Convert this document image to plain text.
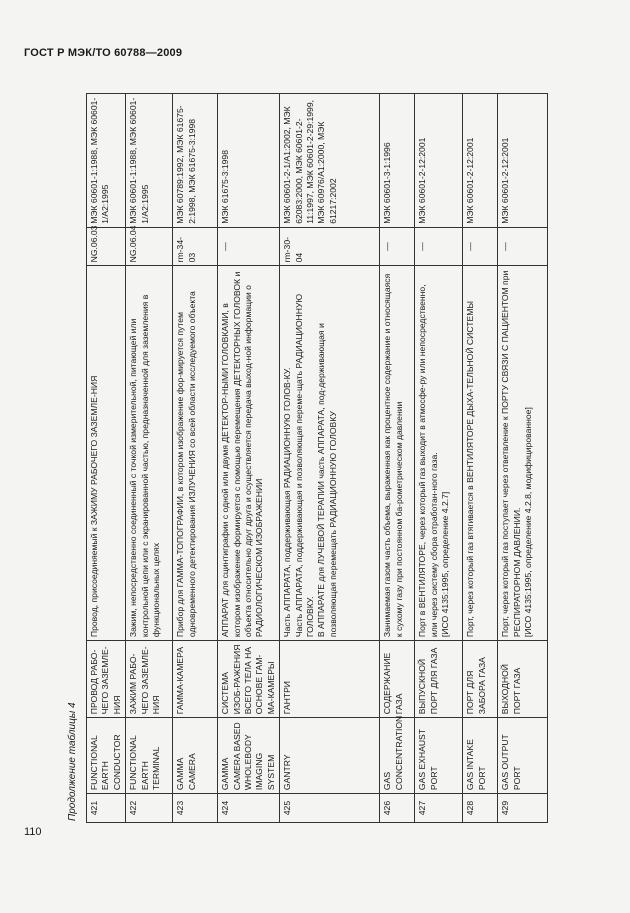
ГОСТ Р МЭК/ТО 60788—2009
Продолжение таблицы 4	421	FUNCTIONAL EARTH CONDUCTOR	ПРОВОД РАБО-ЧЕГО ЗАЗЕМЛЕ-НИЯ	Провод, присоединяемый к ЗАЖИМУ РАБОЧЕГО ЗАЗЕМЛЕ-НИЯ	NG.06.03	МЭК 60601-1:1988, МЭК 60601-1/А2:1995
422	FUNCTIONAL EARTH TERMINAL	ЗАЖИМ РАБО-ЧЕГО ЗАЗЕМЛЕ-НИЯ	Зажим, непосредственно соединенный с точкой измерительной, питающей или контрольной цепи или с экранированной частью, предназначенной для заземления в функциональных целях	NG.06.04	МЭК 60601-1:1988, МЭК 60601-1/А2:1995
423	GAMMA CAMERA	ГАММА-КАМЕРА	Прибор для ГАММА-ТОПОГРАФИИ, в котором изображение фор-мируется путем одновременного детектирования ИЗЛУЧЕНИЯ со всей области исследуемого объекта	rm-34-03	МЭК 60789:1992, МЭК 61675-2:1998, МЭК 61675-3:1998
424	GAMMA CAMERA BASED WHOLEBODY IMAGING SYSTEM	СИСТЕМА ИЗОБ-РАЖЕНИЯ ВСЕГО ТЕЛА НА ОСНОВЕ ГАМ-МА-КАМЕРЫ	АППАРАТ для сцинтиграфии с одной или двумя ДЕТЕКТОР-НЫМИ ГОЛОВКАМИ, в котором изображение формируется с помощью перемещения ДЕТЕКТОРНЫХ ГОЛОВОК и объекта относительно друг друга и осуществляется передача выход-ной информации о РАДИОЛОГИЧЕСКОМ ИЗОБРАЖЕНИИ	—	МЭК 61675-3:1998
425	GANTRY	ГАНТРИ	Часть АППАРАТА, поддерживающая РАДИАЦИОННУЮ ГОЛОВ-КУ.
Часть АППАРАТА, поддерживающая и позволяющая переме-щать РАДИАЦИОННУЮ ГОЛОВКУ.
В АППАРАТЕ для ЛУЧЕВОЙ ТЕРАПИИ часть АППАРАТА, под-держивающая и позволяющая перемещать РАДИАЦИОННУЮ ГОЛОВКУ	rm-30-04	МЭК 60601-2-1/А1:2002, МЭК 62083:2000, МЭК 60601-2-11:1997, МЭК 60601-2-29:1999, МЭК 60976/А1:2000, МЭК 61217:2002
426	GAS CONCENTRATION	СОДЕРЖАНИЕ ГАЗА	Занимаемая газом часть объема, выраженная как процентное содержание и относящаяся к сухому газу при постоянном ба-рометрическом давлении	—	МЭК 60601-3-1:1996
427	GAS EXHAUST PORT	ВЫПУСКНОЙ ПОРТ ДЛЯ ГАЗА	Порт в ВЕНТИЛЯТОРЕ, через который газ выходит в атмосфе-ру или непосредственно, или через систему сбора отработан-ного газа.
[ИСО 4135:1995, определение 4.2.7]	—	МЭК 60601-2-12:2001
428	GAS INTAKE PORT	ПОРТ ДЛЯ ЗАБОРА ГАЗА	Порт, через который газ втягивается в ВЕНТИЛЯТОРЕ ДЫХА-ТЕЛЬНОЙ СИСТЕМЫ	—	МЭК 60601-2-12:2001
429	GAS OUTPUT PORT	ВЫХОДНОЙ ПОРТ ГАЗА	Порт, через который газ поступает через ответвление к ПОРТУ СВЯЗИ С ПАЦИЕНТОМ при РЕСПИРАТОРНОМ ДАВЛЕНИИ.
[ИСО 4135:1995, определение 4.2.8, модифицированное]	—	МЭК 60601-2-12:2001
110
